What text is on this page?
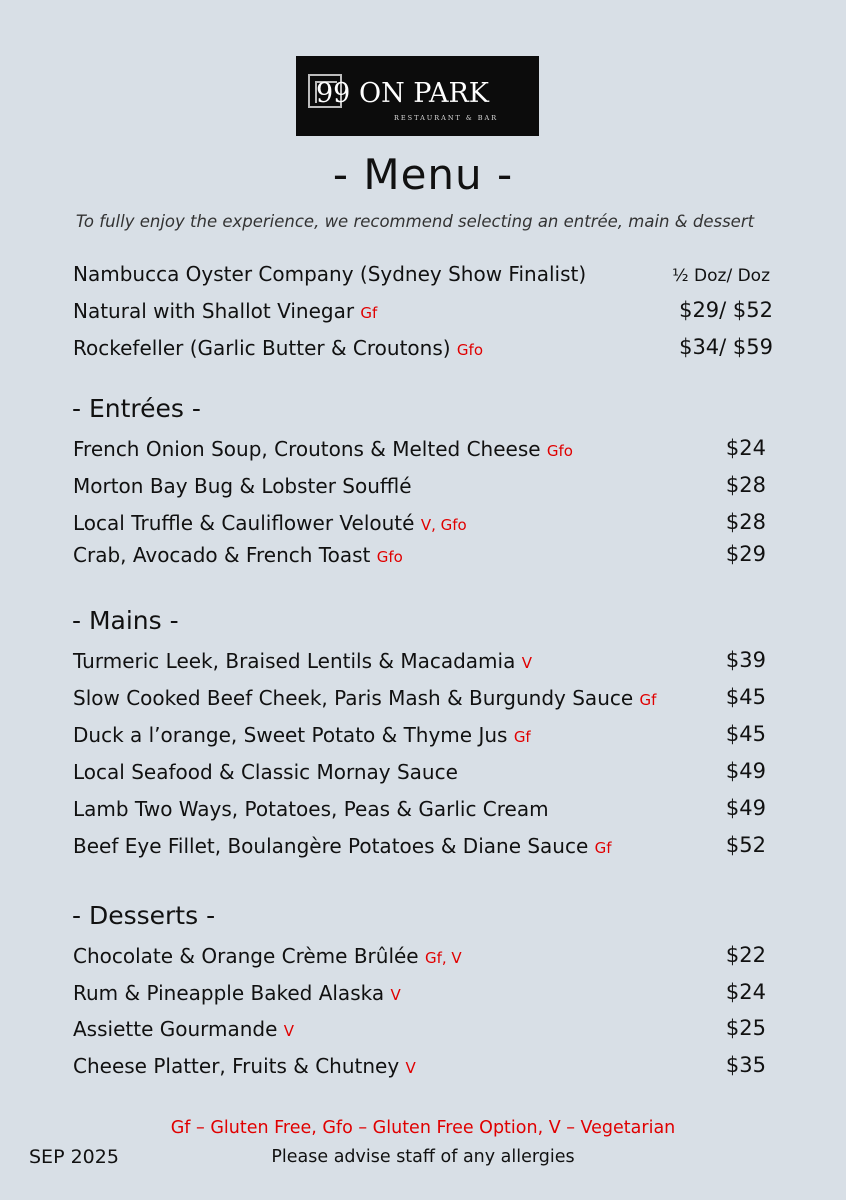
99 ON PARK
RESTAURANT & BAR
- Menu -
To fully enjoy the experience, we recommend selecting an entrée, main & dessert
Nambucca Oyster Company (Sydney Show Finalist)	½ Doz/ Doz
Natural with Shallot Vinegar Gf	$29/ $52
Rockefeller (Garlic Butter & Croutons) Gfo	$34/ $59
- Entrées -
French Onion Soup, Croutons & Melted Cheese Gfo	$24
Morton Bay Bug & Lobster Soufflé	$28
Local Truffle & Cauliflower Velouté V, Gfo	$28
Crab, Avocado & French Toast Gfo	$29
- Mains -
Turmeric Leek, Braised Lentils & Macadamia V	$39
Slow Cooked Beef Cheek, Paris Mash & Burgundy Sauce Gf	$45
Duck a l’orange, Sweet Potato & Thyme Jus Gf	$45
Local Seafood & Classic Mornay Sauce	$49
Lamb Two Ways, Potatoes, Peas & Garlic Cream	$49
Beef Eye Fillet, Boulangère Potatoes & Diane Sauce Gf	$52
- Desserts -
Chocolate & Orange Crème Brûlée Gf, V	$22
Rum & Pineapple Baked Alaska V	$24
Assiette Gourmande V	$25
Cheese Platter, Fruits & Chutney V	$35
Gf – Gluten Free, Gfo – Gluten Free Option, V – Vegetarian
Please advise staff of any allergies
SEP 2025
